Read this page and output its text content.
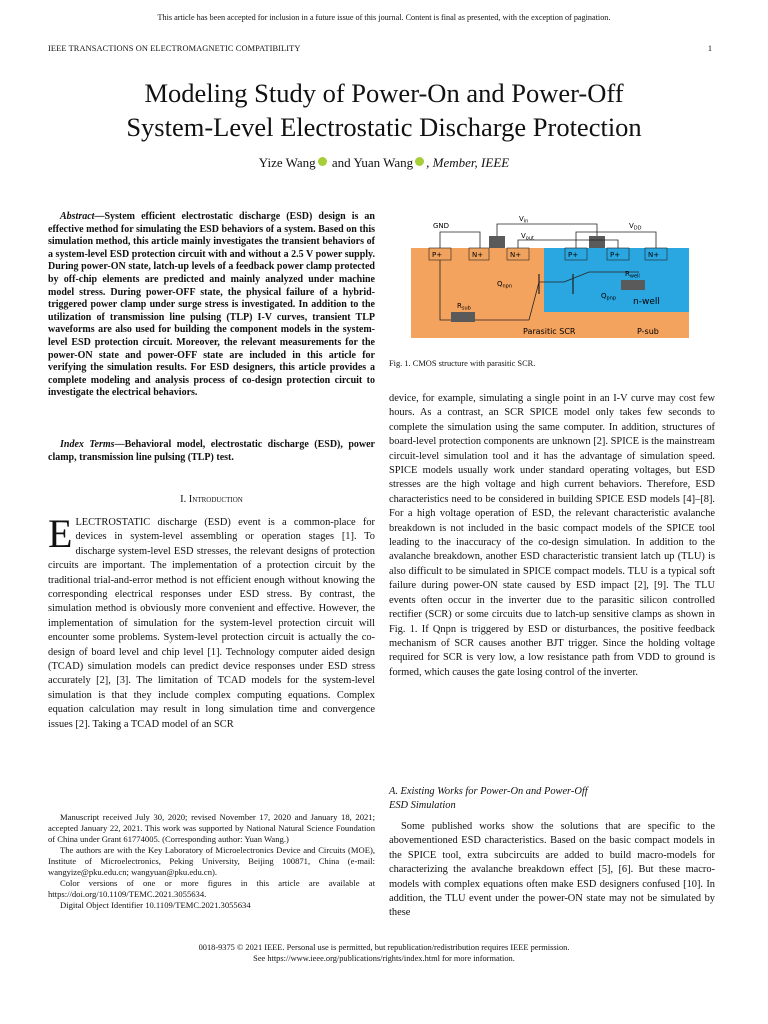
This article has been accepted for inclusion in a future issue of this journal. Content is final as presented, with the exception of pagination.
IEEE TRANSACTIONS ON ELECTROMAGNETIC COMPATIBILITY	1
Modeling Study of Power-On and Power-Off
System-Level Electrostatic Discharge Protection
Yize Wang and Yuan Wang , Member, IEEE

Abstract—System efficient electrostatic discharge (ESD) design is an effective method for simulating the ESD behaviors of a system. Based on this simulation method, this article mainly investigates the transient behaviors of a system-level ESD protection circuit with and without a 2.5 V power supply. During power-ON state, latch-up levels of a feedback power clamp protected by off-chip elements are predicted and mainly analyzed under machine model stress. During power-OFF state, the physical failure of a hybrid-triggered power clamp under surge stress is investigated. In addition to the utilization of transmission line pulsing (TLP) I-V curves, transient TLP waveforms are also used for building the component models in the system-level ESD protection circuit. Moreover, the relevant measurements for the power-ON state and power-OFF state are included in this article for verifying the simulation results. For ESD designers, this article provides a complete modeling and analysis process of co-design protection circuit to investigate the electrical behaviors.

Index Terms—Behavioral model, electrostatic discharge (ESD), power clamp, transmission line pulsing (TLP) test.

I. Introduction
ELECTROSTATIC discharge (ESD) event is a common-place for devices in system-level assembling or operation stages [1]. To discharge system-level ESD stresses, the relevant designs of protection circuits are important. The implementation of a protection circuit by the traditional trial-and-error method is not efficient enough without knowing the corresponding electrical responses under ESD stress. By contrast, the simulation method is obviously more convenient and effective. However, the implementation of simulation for the system-level protection circuit will encounter some problems. System-level protection circuit is actually the co-design of board level and chip level [1]. Technology computer aided design (TCAD) simulation models can predict device responses under ESD stress accurately [2], [3]. The limitation of TCAD models for the system-level simulation is that they include complex computing equations. Complex equation calculation may result in long simulation time and convergence issues [2]. Taking a TCAD model of an SCR

Manuscript received July 30, 2020; revised November 17, 2020 and January 18, 2021; accepted January 22, 2021. This work was supported by National Natural Science Foundation of China under Grant 61774005. (Corresponding author: Yuan Wang.)

The authors are with the Key Laboratory of Microelectronics Device and Circuits (MOE), Institute of Microelectronics, Peking University, Beijing 100871, China (e-mail: wangyize@pku.edu.cn; wangyuan@pku.edu.cn).

Color versions of one or more figures in this article are available at https://doi.org/10.1109/TEMC.2021.3055634.

Digital Object Identifier 10.1109/TEMC.2021.3055634

P+	N+	N+	P+	P+	N+
GND
$V_{in}$
$V_{out}$
$V_{DD}$
$Q_{npn}$
$Q_{pnp}$
$R_{sub}$
$R_{well}$
n-well
Parasitic SCR	P-sub
Fig. 1. CMOS structure with parasitic SCR.
device, for example, simulating a single point in an I-V curve may cost few hours. As a contrast, an SCR SPICE model only takes few seconds to complete the simulation using the same computer. In addition, structures of board-level protection components are unknown [2]. SPICE is the mainstream circuit-level simulation tool and it has the advantage of simulation speed. SPICE models usually work under standard operating voltages, but ESD stresses are the high voltage and high current behaviors. Therefore, ESD characteristics need to be considered in building SPICE ESD models [4]–[8]. For a high voltage operation of ESD, the relevant characteristic avalanche breakdown is not included in the basic compact models of the SPICE tool leading to the inaccuracy of the co-design simulation. In addition to the avalanche breakdown, another ESD characteristic transient latch up (TLU) is also difficult to be simulated in SPICE compact models. TLU is a typical soft failure during power-ON state caused by ESD impact [2], [9]. The TLU events often occur in the inverter due to the parasitic silicon controlled rectifier (SCR) or some circuits due to latch-up sensitive clamps as shown in Fig. 1. If Qnpn is triggered by ESD or disturbances, the positive feedback mechanism of SCR causes another BJT trigger. Since the holding voltage required for SCR is very low, a low resistance path from VDD to ground is formed, which causes the gate losing control of the inverter.
A. Existing Works for Power-On and Power-Off
ESD Simulation

Some published works show the solutions that are specific to the abovementioned ESD characteristics. Based on the basic compact models in the SPICE tool, extra subcircuits are added to build macro-models for characterizing the avalanche breakdown effect [5], [6]. But these macro-models with complex equations often make ESD designers confused [10]. In addition, the TLU event under the power-ON state may not be simulated by these

0018-9375 © 2021 IEEE. Personal use is permitted, but republication/redistribution requires IEEE permission.
See https://www.ieee.org/publications/rights/index.html for more information.
